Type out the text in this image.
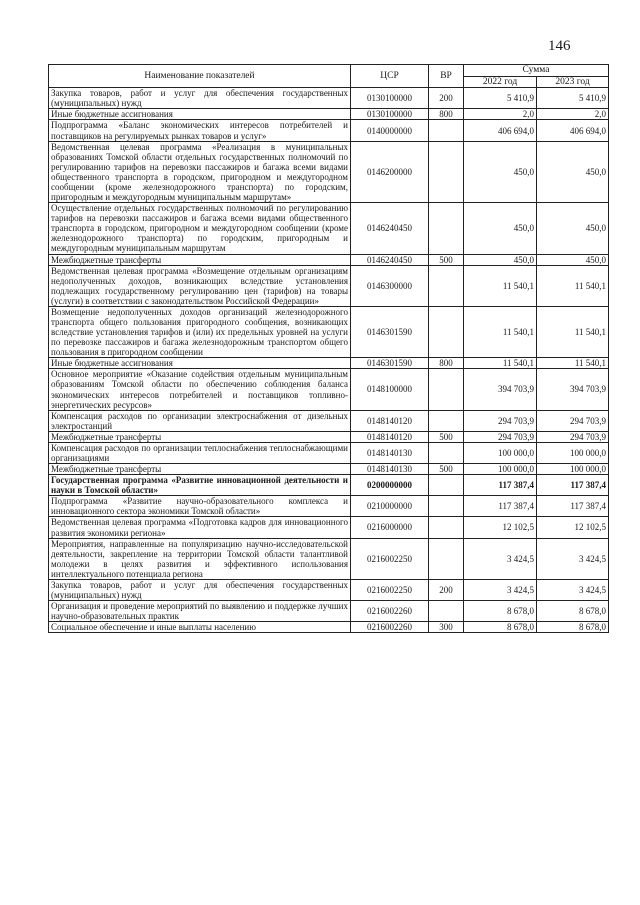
146
Наименование показателей	ЦСР	ВР	Сумма	
			2022 год	2023 год
Закупка товаров, работ и услуг для обеспечения государственных (муниципальных) нужд	0130100000	200	5 410,9	5 410,9
Иные бюджетные ассигнования	0130100000	800	2,0	2,0
Подпрограмма «Баланс экономических интересов потребителей и поставщиков на регулируемых рынках товаров и услуг»	0140000000		406 694,0	406 694,0
Ведомственная целевая программа «Реализация в муниципальных образованиях Томской области отдельных государственных полномочий по регулированию тарифов на перевозки пассажиров и багажа всеми видами общественного транспорта в городском, пригородном и междугородном сообщении (кроме железнодорожного транспорта) по городским, пригородным и междугородным муниципальным маршрутам»	0146200000		450,0	450,0
Осуществление отдельных государственных полномочий по регулированию тарифов на перевозки пассажиров и багажа всеми видами общественного транспорта в городском, пригородном и междугородном сообщении (кроме железнодорожного транспорта) по городским, пригородным и междугородным муниципальным маршрутам	0146240450		450,0	450,0
Межбюджетные трансферты	0146240450	500	450,0	450,0
Ведомственная целевая программа «Возмещение отдельным организациям недополученных доходов, возникающих вследствие установления подлежащих государственному регулированию цен (тарифов) на товары (услуги) в соответствии с законодательством Российской Федерации»	0146300000		11 540,1	11 540,1
Возмещение недополученных доходов организаций железнодорожного транспорта общего пользования пригородного сообщения, возникающих вследствие установления тарифов и (или) их предельных уровней на услуги по перевозке пассажиров и багажа железнодорожным транспортом общего пользования в пригородном сообщении	0146301590		11 540,1	11 540,1
Иные бюджетные ассигнования	0146301590	800	11 540,1	11 540,1
Основное мероприятие «Оказание содействия отдельным муниципальным образованиям Томской области по обеспечению соблюдения баланса экономических интересов потребителей и поставщиков топливно-энергетических ресурсов»	0148100000		394 703,9	394 703,9
Компенсация расходов по организации электроснабжения от дизельных электростанций	0148140120		294 703,9	294 703,9
Межбюджетные трансферты	0148140120	500	294 703,9	294 703,9
Компенсация расходов по организации теплоснабжения теплоснабжающими организациями	0148140130		100 000,0	100 000,0
Межбюджетные трансферты	0148140130	500	100 000,0	100 000,0
Государственная программа «Развитие инновационной деятельности и науки в Томской области»	0200000000		117 387,4	117 387,4
Подпрограмма «Развитие научно-образовательного комплекса и инновационного сектора экономики Томской области»	0210000000		117 387,4	117 387,4
Ведомственная целевая программа «Подготовка кадров для инновационного развития экономики региона»	0216000000		12 102,5	12 102,5
Мероприятия, направленные на популяризацию научно-исследовательской деятельности, закрепление на территории Томской области талантливой молодежи в целях развития и эффективного использования интеллектуального потенциала региона	0216002250		3 424,5	3 424,5
Закупка товаров, работ и услуг для обеспечения государственных (муниципальных) нужд	0216002250	200	3 424,5	3 424,5
Организация и проведение мероприятий по выявлению и поддержке лучших научно-образовательных практик	0216002260		8 678,0	8 678,0
Социальное обеспечение и иные выплаты населению	0216002260	300	8 678,0	8 678,0
